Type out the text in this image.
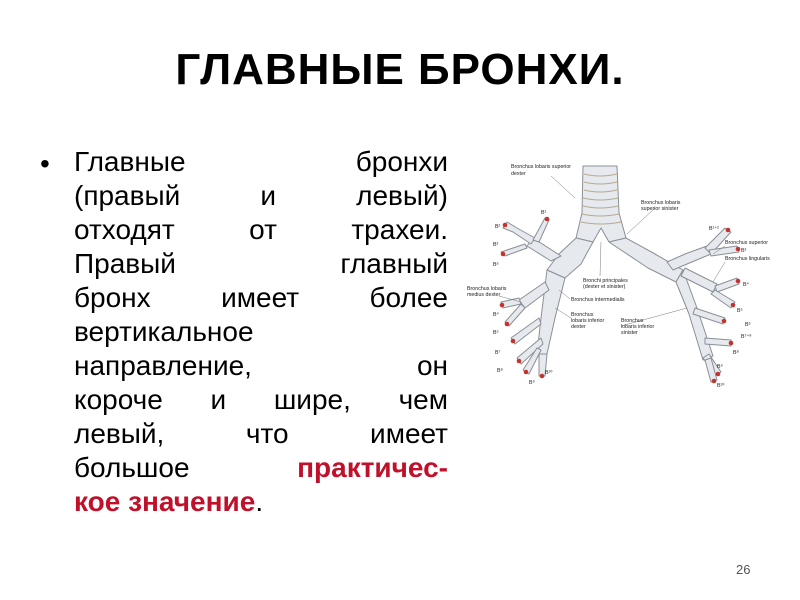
ГЛАВНЫЕ БРОНХИ.
• Главные	бронхи
(правый	и	левый)
отходят	от	трахеи.
Правый	главный
бронх	имеет	более
вертикальное
направление,	он
короче и шире, чем
левый,	что	имеет
большое	практичес-
кое значение .
Bronchus lobaris superior
dexter
Bronchus lobaris
superior sinister
Bronchus superior
Bronchus lingularis
Bronchus lobaris
medius dexter
Bronchi principales
(dexter et sinister)
Bronchus intermedialis
Bronchus
lobaris inferior
dexter
Bronchus
lobaris inferior
sinister
B¹
B²
B³
B⁶
B⁴
B⁵
B⁷
B⁸
B⁹
B¹⁰
B¹⁺²
B³
B⁴
B⁵
B⁶
B⁷⁺⁸
B⁸
B⁹
B¹⁰
26
